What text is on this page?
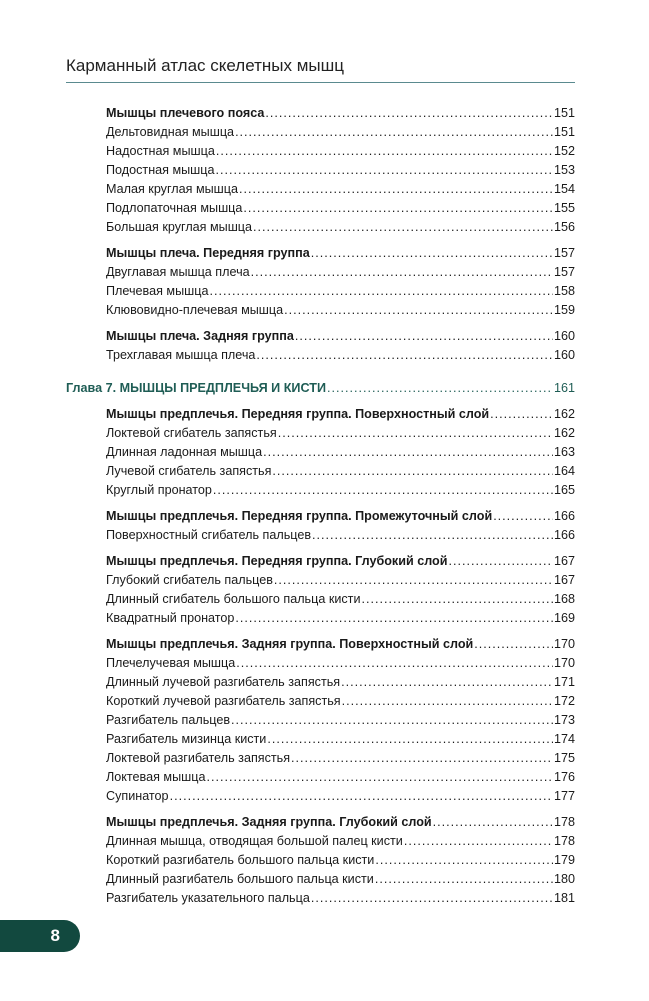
Карманный атлас скелетных мышц
Мышцы плечевого пояса .....	151
Дельтовидная мышца .....	151
Надостная мышца .....	152
Подостная мышца .....	153
Малая круглая мышца .....	154
Подлопаточная мышца .....	155
Большая круглая мышца .....	156
Мышцы плеча. Передняя группа .....	157
Двуглавая мышца плеча .....	157
Плечевая мышца .....	158
Клювовидно-плечевая мышца .....	159
Мышцы плеча. Задняя группа .....	160
Трехглавая мышца плеча .....	160
Глава 7. МЫШЦЫ ПРЕДПЛЕЧЬЯ И КИСТИ .....	161
Мышцы предплечья. Передняя группа. Поверхностный слой .....	162
Локтевой сгибатель запястья .....	162
Длинная ладонная мышца .....	163
Лучевой сгибатель запястья .....	164
Круглый пронатор .....	165
Мышцы предплечья. Передняя группа. Промежуточный слой .....	166
Поверхностный сгибатель пальцев .....	166
Мышцы предплечья. Передняя группа. Глубокий слой .....	167
Глубокий сгибатель пальцев .....	167
Длинный сгибатель большого пальца кисти .....	168
Квадратный пронатор .....	169
Мышцы предплечья. Задняя группа. Поверхностный слой .....	170
Плечелучевая мышца .....	170
Длинный лучевой разгибатель запястья .....	171
Короткий лучевой разгибатель запястья .....	172
Разгибатель пальцев .....	173
Разгибатель мизинца кисти .....	174
Локтевой разгибатель запястья .....	175
Локтевая мышца .....	176
Супинатор .....	177
Мышцы предплечья. Задняя группа. Глубокий слой .....	178
Длинная мышца, отводящая большой палец кисти .....	178
Короткий разгибатель большого пальца кисти .....	179
Длинный разгибатель большого пальца кисти .....	180
Разгибатель указательного пальца .....	181
8
